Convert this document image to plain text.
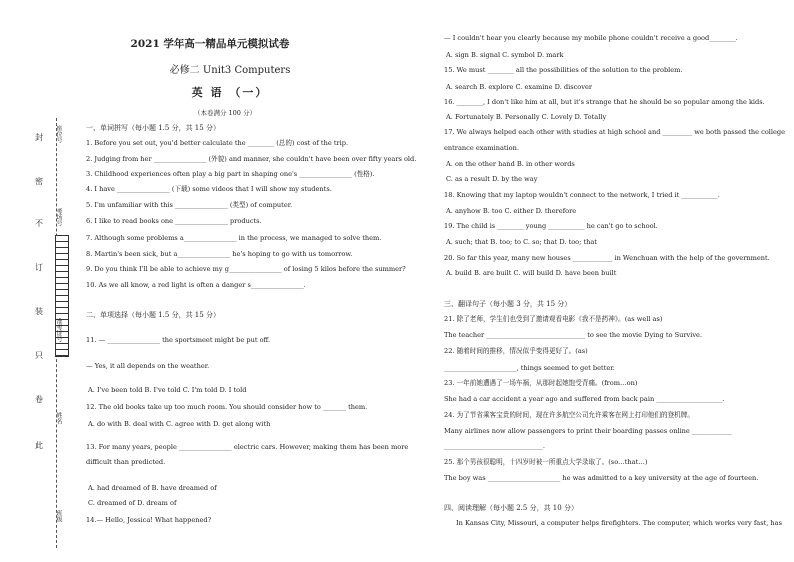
2021 学年高一精品单元模拟试卷
必修二 Unit3 Computers
英 语 （一）
（本卷满分 100 分）
封
密
不
订
装
只
卷
此
座位号
考场号
准考证号
姓名
班级
一、单词拼写（每小题 1.5 分，共 15 分）
1. Before you set out, you'd better calculate the ________ (总的) cost of the trip.
2. Judging from her ________________ (外貌) and manner, she couldn't have been over fifty years old.
3. Childhood experiences often play a big part in shaping one's ________________ (性格).
4. I have ________________ (下载) some videos that I will show my students.
5. I'm unfamiliar with this ________________ (类型) of computer.
6. I like to read books one ________________ products.
7. Although some problems a________________ in the process, we managed to solve them.
8. Martin's been sick, but a________________ he's hoping to go with us tomorrow.
9. Do you think I'll be able to achieve my g________________ of losing 5 kilos before the summer?
10. As we all know, a red light is often a danger s________________.
二、单项选择（每小题 1.5 分，共 15 分）
11. — ________________ the sportsmeet might be put off.
— Yes, it all depends on the weather.
A. I've been told B. I've told C. I'm told D. I told
12. The old books take up too much room. You should consider how to _______ them.
A. do with B. deal with C. agree with D. get along with
13. For many years, people ________________ electric cars. However, making them has been more
difficult than predicted.
A. had dreamed of B. have dreamed of
C. dreamed of D. dream of
14.— Hello, Jessica! What happened?
— I couldn't hear you clearly because my mobile phone couldn't receive a good________.
A. sign B. signal C. symbol D. mark
15. We must ________ all the possibilities of the solution to the problem.
A. search B. explore C. examine D. discover
16. ________, I don't like him at all, but it's strange that he should be so popular among the kids.
A. Fortunately B. Personally C. Lovely D. Totally
17. We always helped each other with studies at high school and _________ we both passed the college
entrance examination.
A. on the other hand B. in other words
C. as a result D. by the way
18. Knowing that my laptop wouldn't connect to the network, I tried it ___________.
A. anyhow B. too C. either D. therefore
19. The child is ________ young ___________ he can't go to school.
A. such; that B. too; to C. so; that D. too; that
20. So far this year, many new houses ____________ in Wenchuan with the help of the government.
A. build B. are built C. will build D. have been built
三、翻译句子（每小题 3 分，共 15 分）
21. 除了老师，学生们也受到了邀请观看电影《我不是药神》。(as well as)
The teacher ______________________________ to see the movie Dying to Survive.
22. 随着时间的推移，情况似乎变得更好了。(as)
______________________, things seemed to get better.
23. 一年前她遭遇了一场车祸，从那时起她饱受背痛。(from…on)
She had a car accident a year ago and suffered from back pain ____________________.
24. 为了节省乘客宝贵的时间，现在许多航空公司允许乘客在网上打印他们的登机牌。
Many airlines now allow passengers to print their boarding passes online ____________
______________________________.
25. 那个男孩很聪明，十四岁时被一所重点大学录取了。(so…that…)
The boy was ______________________ he was admitted to a key university at the age of fourteen.
四、阅读理解（每小题 2.5 分，共 10 分）
In Kansas City, Missouri, a computer helps firefighters. The computer, which works very fast, has
